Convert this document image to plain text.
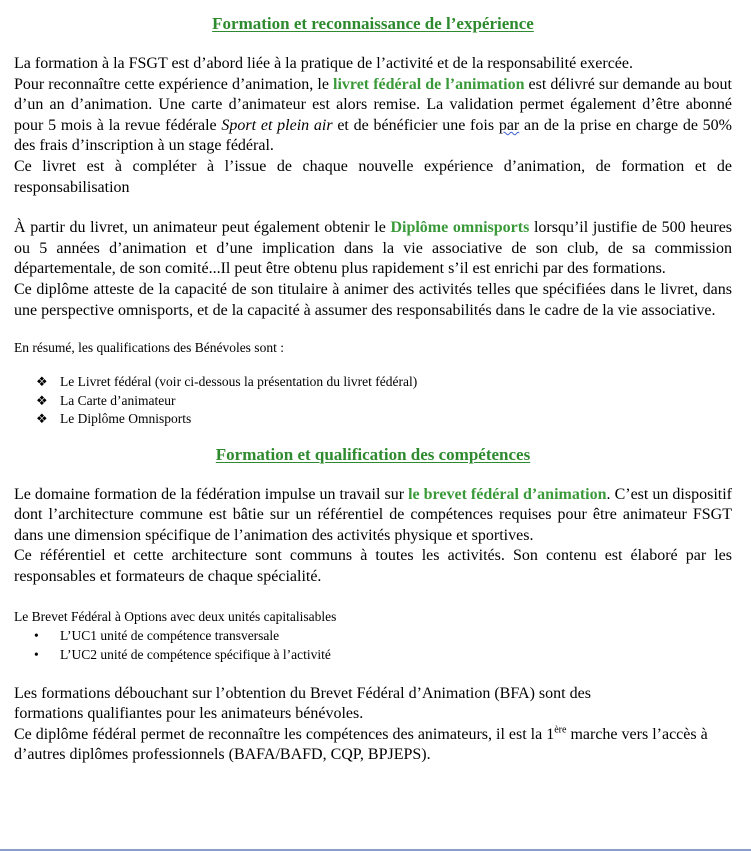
Formation et reconnaissance de l’expérience

La formation à la FSGT est d’abord liée à la pratique de l’activité et de la responsabilité exercée.

Pour reconnaître cette expérience d’animation, le livret fédéral de l’animation est délivré sur demande au bout d’un an d’animation. Une carte d’animateur est alors remise. La validation permet également d’être abonné pour 5 mois à la revue fédérale Sport et plein air et de bénéficier une fois par an de la prise en charge de 50% des frais d’inscription à un stage fédéral.

Ce livret est à compléter à l’issue de chaque nouvelle expérience d’animation, de formation et de responsabilisation

À partir du livret, un animateur peut également obtenir le Diplôme omnisports lorsqu’il justifie de 500 heures ou 5 années d’animation et d’une implication dans la vie associative de son club, de sa commission départementale, de son comité...Il peut être obtenu plus rapidement s’il est enrichi par des formations.

Ce diplôme atteste de la capacité de son titulaire à animer des activités telles que spécifiées dans le livret, dans une perspective omnisports, et de la capacité à assumer des responsabilités dans le cadre de la vie associative.

En résumé, les qualifications des Bénévoles sont :

❖ Le Livret fédéral (voir ci-dessous la présentation du livret fédéral)
❖ La Carte d’animateur
❖ Le Diplôme Omnisports
Formation et qualification des compétences

Le domaine formation de la fédération impulse un travail sur le brevet fédéral d’animation. C’est un dispositif dont l’architecture commune est bâtie sur un référentiel de compétences requises pour être animateur FSGT dans une dimension spécifique de l’animation des activités physique et sportives.

Ce référentiel et cette architecture sont communs à toutes les activités. Son contenu est élaboré par les responsables et formateurs de chaque spécialité.

Le Brevet Fédéral à Options avec deux unités capitalisables

• L’UC1 unité de compétence transversale
• L’UC2 unité de compétence spécifique à l’activité

Les formations débouchant sur l’obtention du Brevet Fédéral d’Animation (BFA) sont des

formations qualifiantes pour les animateurs bénévoles.

Ce diplôme fédéral permet de reconnaître les compétences des animateurs, il est la 1ère marche vers l’accès à d’autres diplômes professionnels (BAFA/BAFD, CQP, BPJEPS).
